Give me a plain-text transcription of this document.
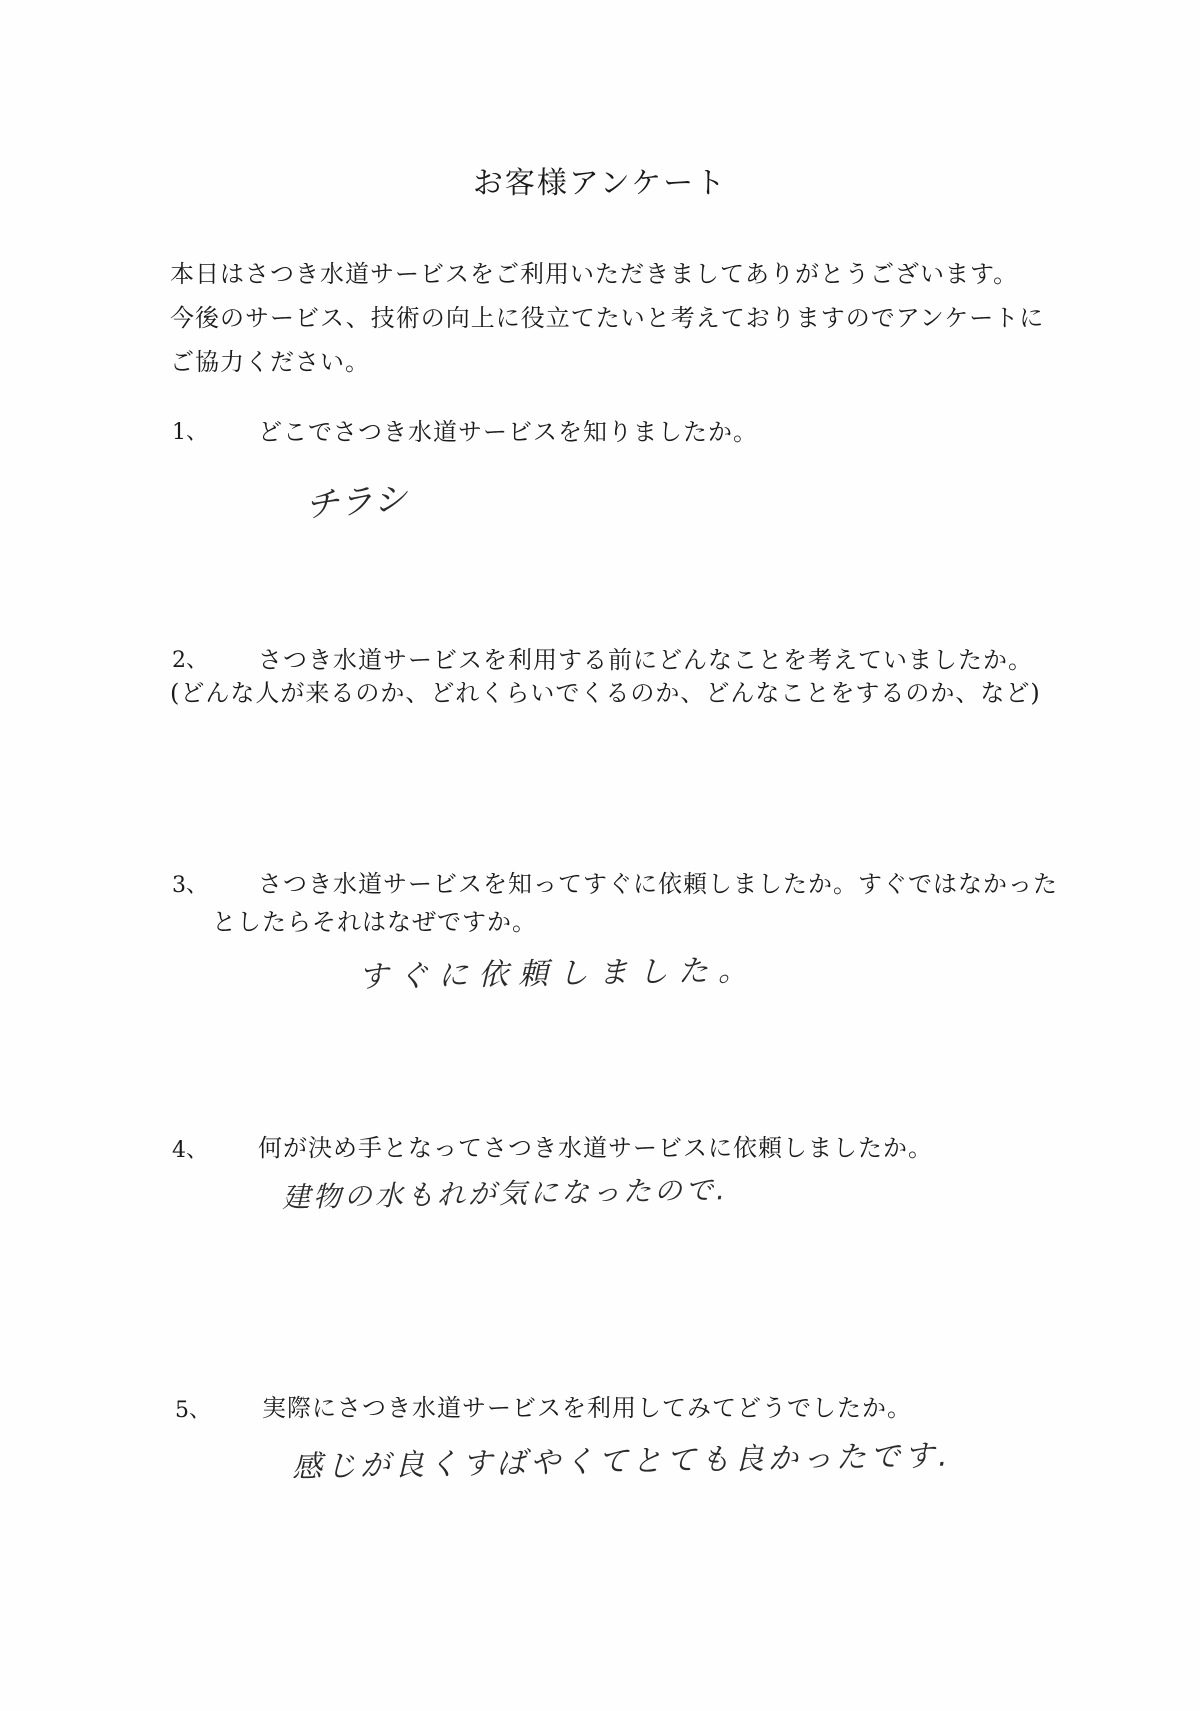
お客様アンケート
本日はさつき水道サービスをご利用いただきましてありがとうございます。
今後のサービス、技術の向上に役立てたいと考えておりますのでアンケートに
ご協力ください。
1、 どこでさつき水道サービスを知りましたか。
チラシ
2、 さつき水道サービスを利用する前にどんなことを考えていましたか。
(どんな人が来るのか、どれくらいでくるのか、どんなことをするのか、など)
3、 さつき水道サービスを知ってすぐに依頼しましたか。すぐではなかった
としたらそれはなぜですか。
すぐに依頼しました。
4、 何が決め手となってさつき水道サービスに依頼しましたか。
建物の水もれが気になったので.
5、 実際にさつき水道サービスを利用してみてどうでしたか。
感じが良くすばやくてとても良かったです.
